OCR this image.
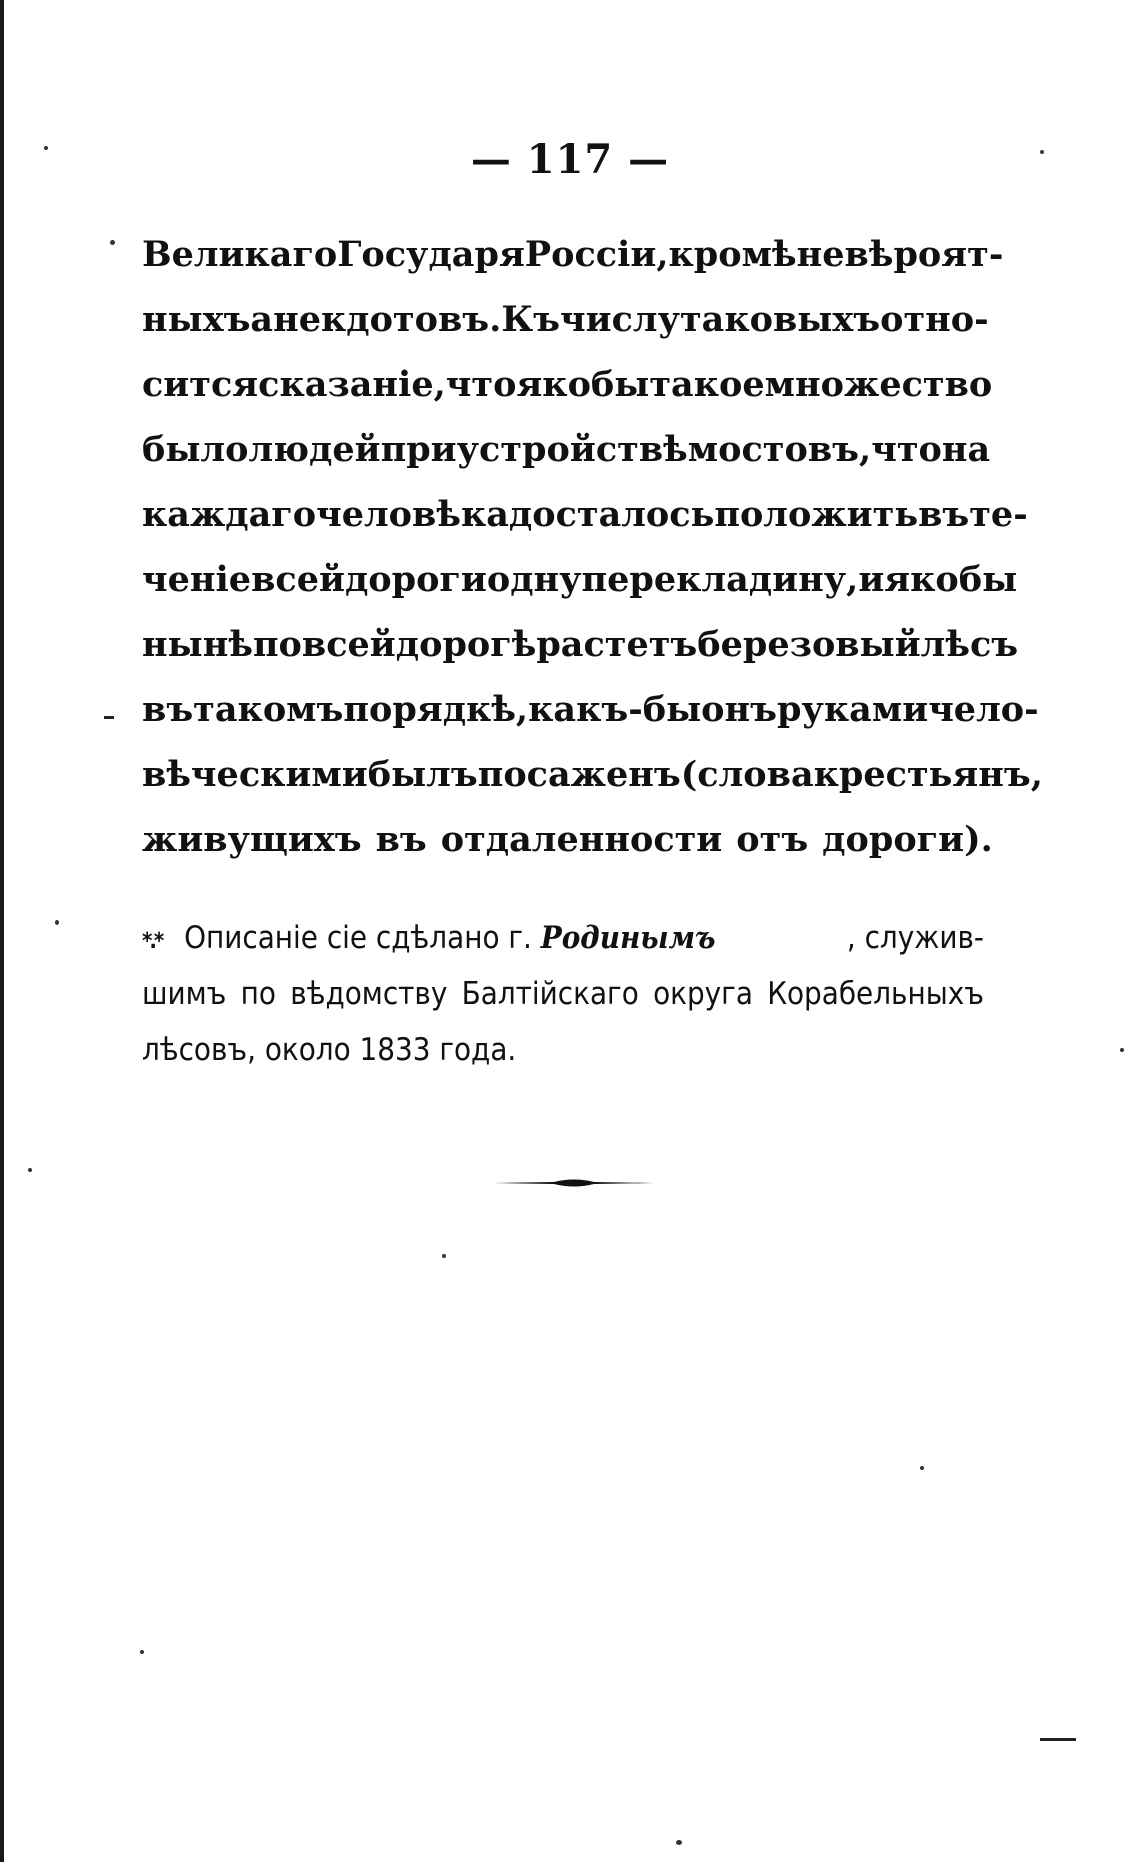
— 117 —
Великаго Государя Россіи, кромѣ невѣроят-
ныхъ анекдотовъ. Къ числу таковыхъ отно-
сится сказаніе, что якобы такое множество
было людей при устройствѣ мостовъ, что на
каждаго человѣка досталось положить въ те-
ченіе всей дороги одну перекладину, и якобы
нынѣ по всей дорогѣ растетъ березовый лѣсъ
въ такомъ порядкѣ, какъ-бы онъ руками чело-
вѣческими былъ посаженъ (слова крестьянъ,
живущихъ въ отдаленности отъ дороги).
*.* Описаніе сіе сдѣлано г. Родинымъ	, служив-
шимъ по вѣдомству Балтійскаго округа Корабельныхъ
лѣсовъ, около 1833 года.
